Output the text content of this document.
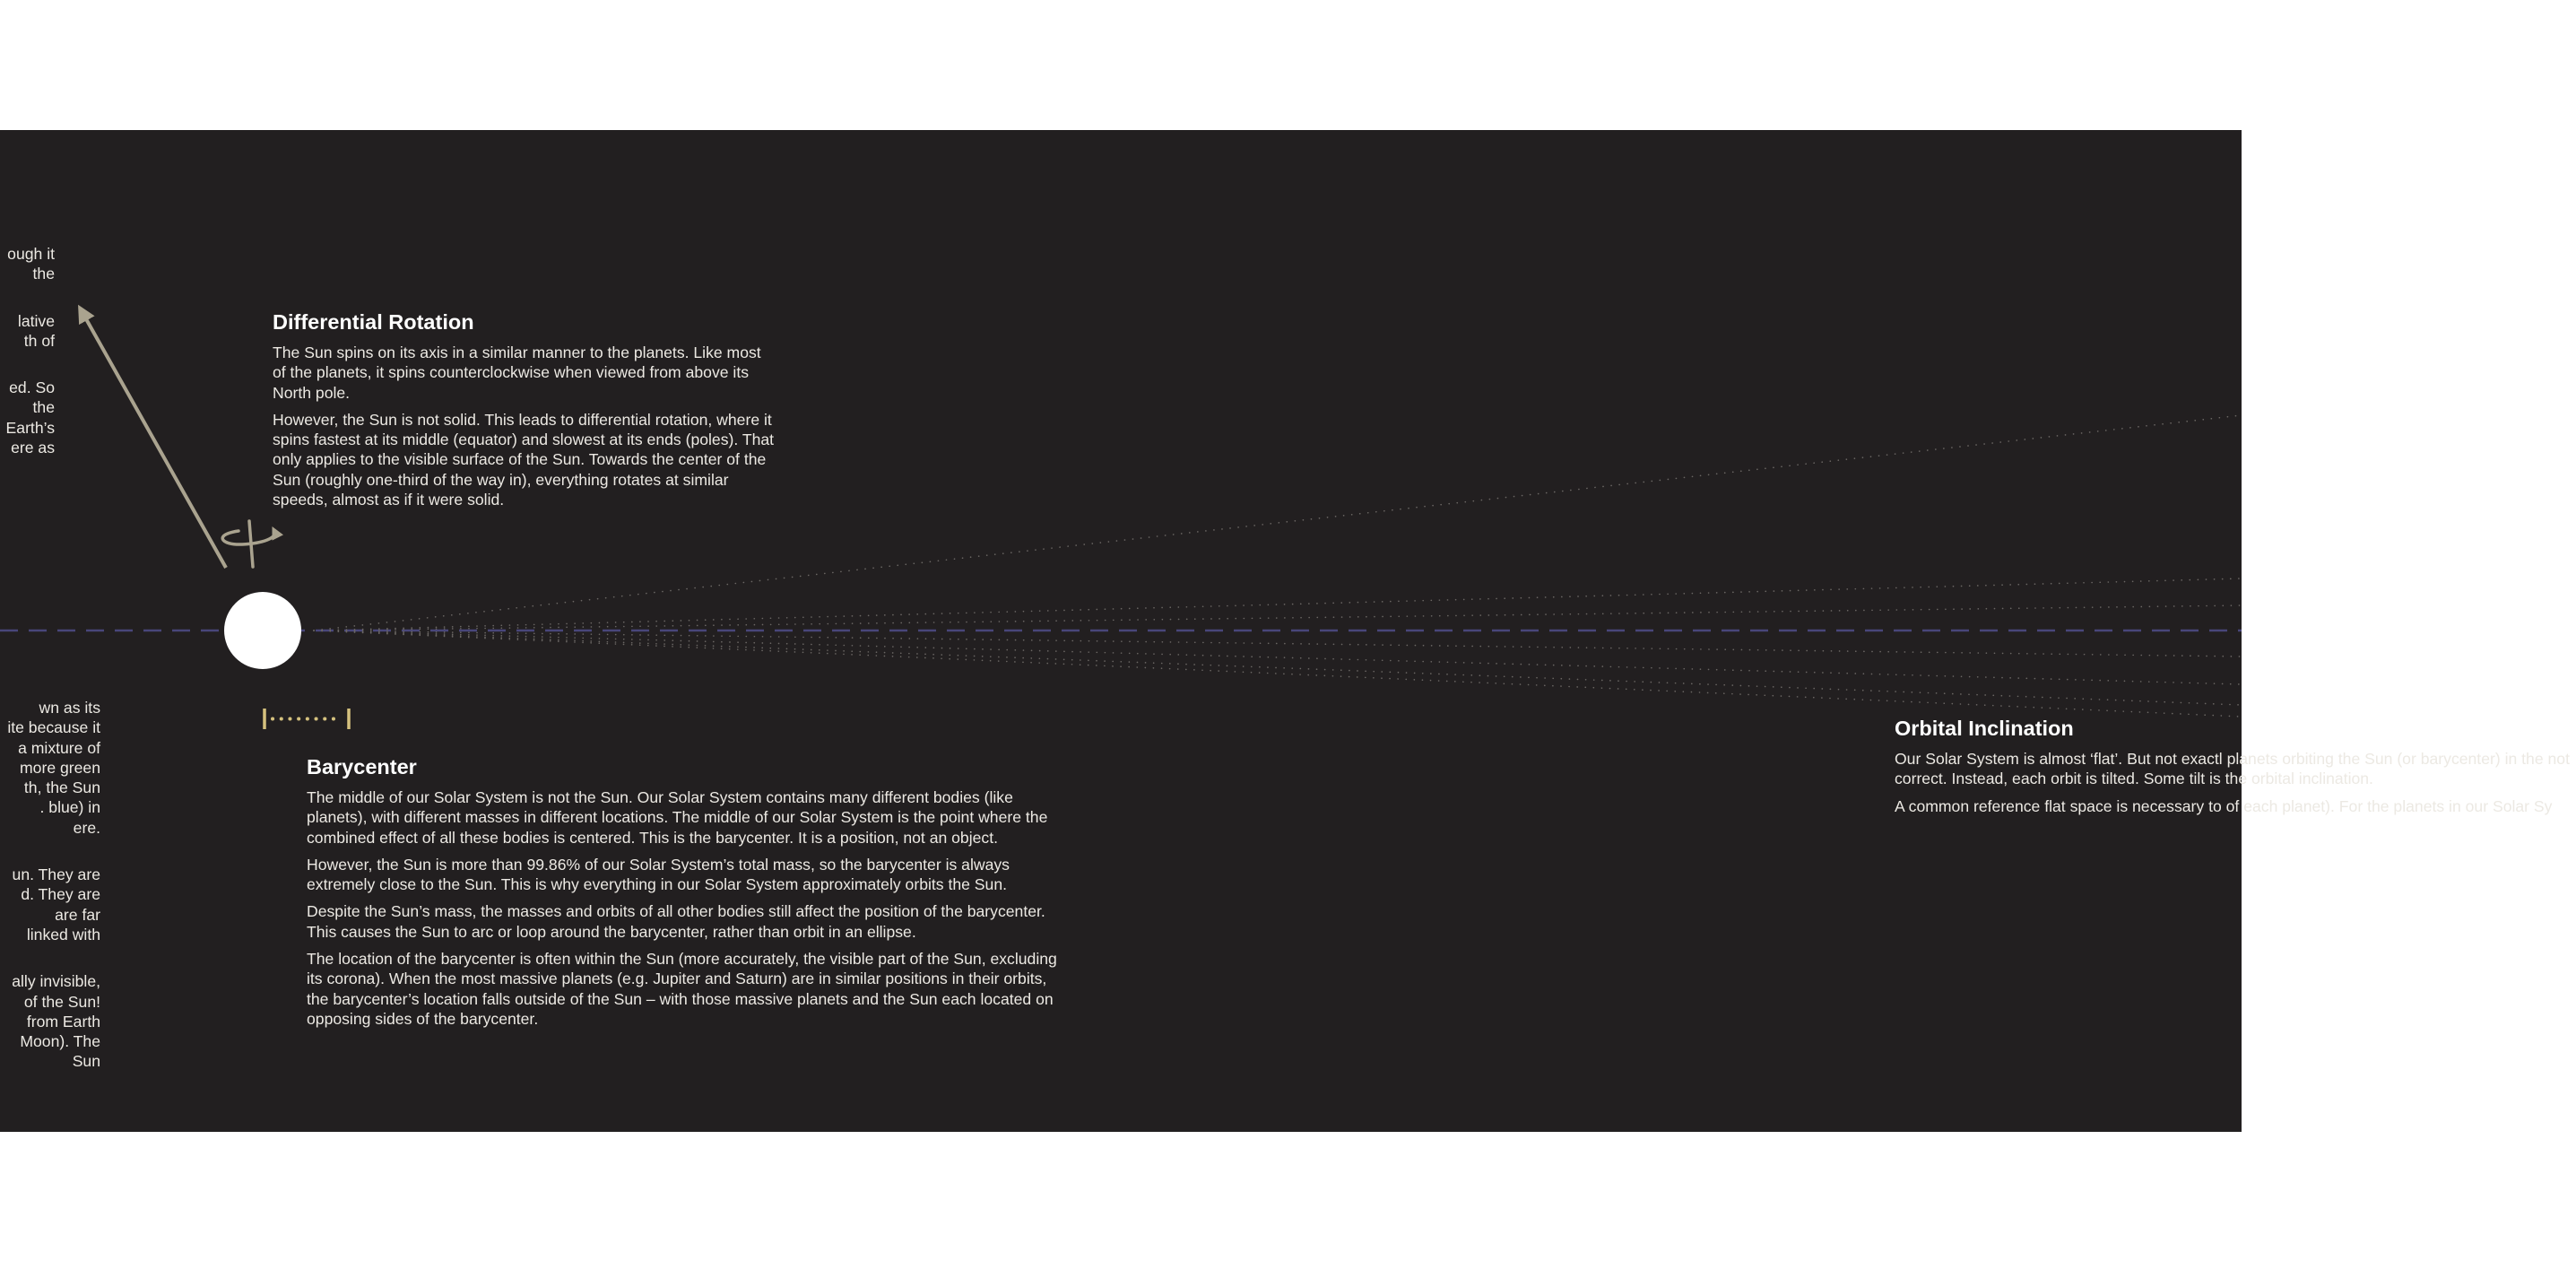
ough it

the

lative

th of

ed. So

the

Earth’s

ere as

wn as its

ite because it

a mixture of

more green

th, the Sun

. blue) in

ere.

un. They are

d. They are

are far

linked with

ally invisible,

of the Sun!

from Earth

Moon). The

Sun

Differential Rotation

The Sun spins on its axis in a similar manner to the planets. Like most of the planets, it spins counterclockwise when viewed from above its North pole.

However, the Sun is not solid. This leads to differential rotation, where it spins fastest at its middle (equator) and slowest at its ends (poles). That only applies to the visible surface of the Sun. Towards the center of the Sun (roughly one-third of the way in), everything rotates at similar speeds, almost as if it were solid.

Barycenter

The middle of our Solar System is not the Sun. Our Solar System contains many different bodies (like planets), with different masses in different locations. The middle of our Solar System is the point where the combined effect of all these bodies is centered. This is the barycenter. It is a position, not an object.

However, the Sun is more than 99.86% of our Solar System’s total mass, so the barycenter is always extremely close to the Sun. This is why everything in our Solar System approximately orbits the Sun.

Despite the Sun’s mass, the masses and orbits of all other bodies still affect the position of the barycenter. This causes the Sun to arc or loop around the barycenter, rather than orbit in an ellipse.

The location of the barycenter is often within the Sun (more accurately, the visible part of the Sun, excluding its corona). When the most massive planets (e.g. Jupiter and Saturn) are in similar positions in their orbits, the barycenter’s location falls outside of the Sun – with those massive planets and the Sun each located on opposing sides of the barycenter.

Orbital Inclination

Our Solar System is almost ‘flat’. But not exactl planets orbiting the Sun (or barycenter) in the not correct. Instead, each orbit is tilted. Some tilt is the orbital inclination.

A common reference flat space is necessary to of each planet). For the planets in our Solar Sy
